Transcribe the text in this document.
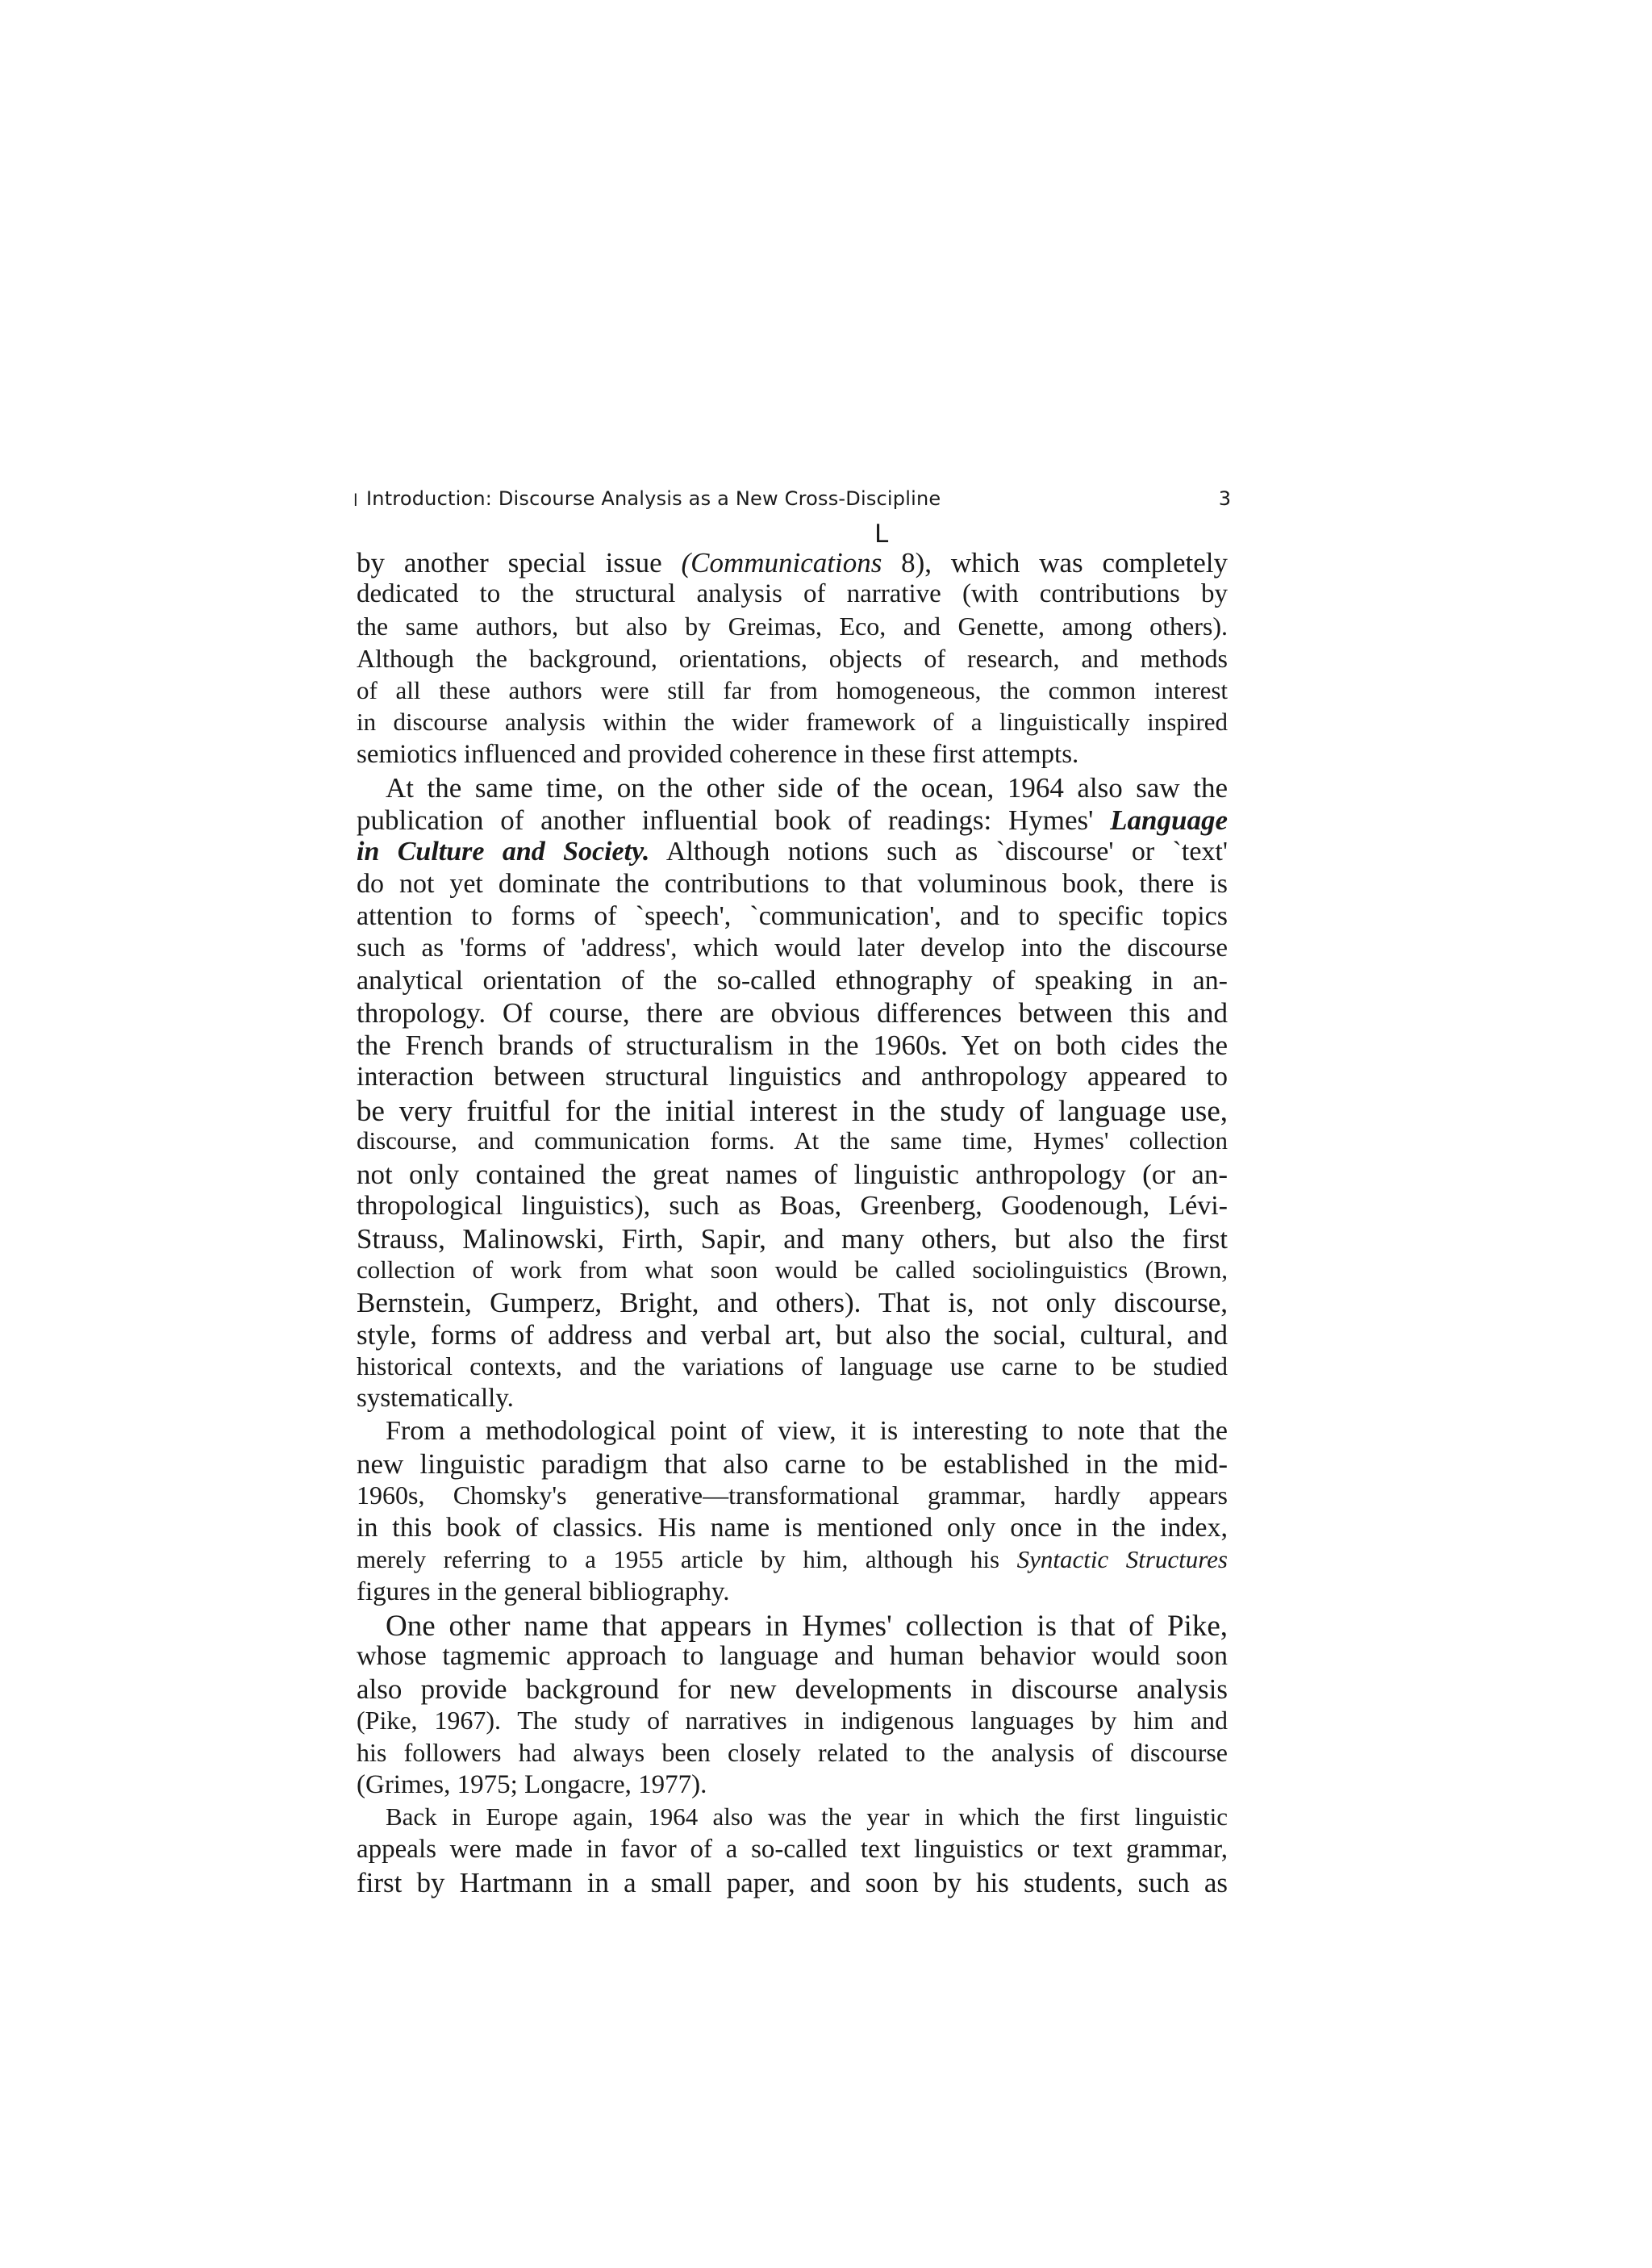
l Introduction: Discourse Analysis as a New Cross-Discipline	3
L
by another special issue (Communications 8), which was completely
dedicated to the structural analysis of narrative (with contributions by
the same authors, but also by Greimas, Eco, and Genette, among others).
Although the background, orientations, objects of research, and methods
of all these authors were still far from homogeneous, the common interest
in discourse analysis within the wider framework of a linguistically inspired
semiotics influenced and provided coherence in these first attempts.
At the same time, on the other side of the ocean, 1964 also saw the
publication of another influential book of readings: Hymes' Language
in Culture and Society. Although notions such as `discourse' or `text'
do not yet dominate the contributions to that voluminous book, there is
attention to forms of `speech', `communication', and to specific topics
such as 'forms of 'address', which would later develop into the discourse
analytical orientation of the so-called ethnography of speaking in an-
thropology. Of course, there are obvious differences between this and
the French brands of structuralism in the 1960s. Yet on both cides the
interaction between structural linguistics and anthropology appeared to
be very fruitful for the initial interest in the study of language use,
discourse, and communication forms. At the same time, Hymes' collection
not only contained the great names of linguistic anthropology (or an-
thropological linguistics), such as Boas, Greenberg, Goodenough, Lévi-
Strauss, Malinowski, Firth, Sapir, and many others, but also the first
collection of work from what soon would be called sociolinguistics (Brown,
Bernstein, Gumperz, Bright, and others). That is, not only discourse,
style, forms of address and verbal art, but also the social, cultural, and
historical contexts, and the variations of language use carne to be studied
systematically.
From a methodological point of view, it is interesting to note that the
new linguistic paradigm that also carne to be established in the mid-
1960s, Chomsky's generative—transformational grammar, hardly appears
in this book of classics. His name is mentioned only once in the index,
merely referring to a 1955 article by him, although his Syntactic Structures
figures in the general bibliography.
One other name that appears in Hymes' collection is that of Pike,
whose tagmemic approach to language and human behavior would soon
also provide background for new developments in discourse analysis
(Pike, 1967). The study of narratives in indigenous languages by him and
his followers had always been closely related to the analysis of discourse
(Grimes, 1975; Longacre, 1977).
Back in Europe again, 1964 also was the year in which the first linguistic
appeals were made in favor of a so-called text linguistics or text grammar,
first by Hartmann in a small paper, and soon by his students, such as
